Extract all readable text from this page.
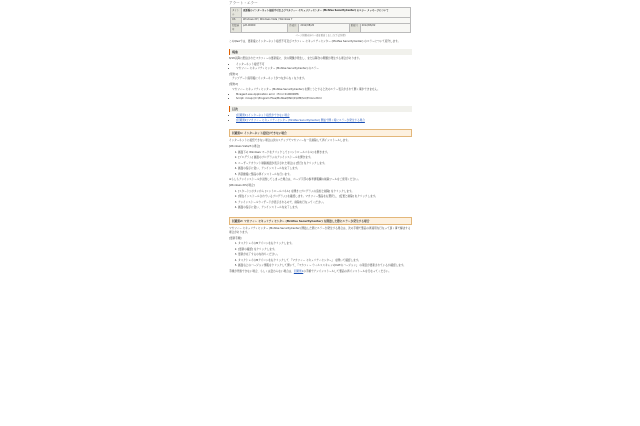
アラート・エラー
タイトル	更新後のインターネット接続不可およびマカフィー セキュリティセンター (McAfee SecurityCenter) のエラー メッセージについて				
OS	Windows XP / Windows Vista / Windows 7				
問題番号	pdt-00000	作成日	2012/08/20	更新日	2012/08/22
ページ掲載内容の一部を更新しました(下記参照)

このQ&Aでは、更新後にインターネット接続不可及びマカフィー セキュリティセンター (McAfee SecurityCenter) のエラーについて紹介します。

現象

8/18以降に配信されたマカフィーの更新後に、次の問題が発生し、また以降次の問題が発生する場合があります。

• インターネット接続不可
• マカフィー セキュリティセンター (McAfee SecurityCenter) のエラー
[現象1]
アップデート適用後にインターネットがつながらなくなります。
[現象2]
マカフィー セキュリティセンター (McAfee SecurityCenter) を開こうとすると次のエラー表示がされて開く事ができません。
• Mcagent.exe Application error : Error 0x00000f6
• Script: mcap://C:\Program Files\McAfee\MSC\1\UIM\Src\Errors.html
目次
• [回避策1] インターネット接続ができない場合
• [回避策2] マカフィー セキュリティセンター (McAfee SecurityCenter) 開始で開く時にエラーが発生する場合
回避策1: インターネット接続ができない場合

インターネットに接続できない場合は次のステップでマカフィーを一旦削除して再インストールします。

[Windows Vista/7の場合]
1. 画面下の Windows マークをクリックして [コントロールパネル] を開きます。
2. [プログラム] 画面のプログラムのアンインストールを開きます。
3. ユーザーアカウント制御画面が表示された場合は [続行] をクリックします。
4. 画面の指示に従い、アンインストールを完了します。
5. 再起動後に製品の再インストールを行います。

※もしもアンインストールが失敗してしまった場合は、ページ下部の参考情報欄の削除ツールをご使用ください。

[Windows XPの場合]
1. [スタート] ボタンから [コントロールパネル] を開き [プログラムの追加と削除] をクリックします。
2. [現在インストールされているプログラム] を確認します。マカフィー製品を右選択し、[変更と削除] をクリックします。
3. アンインストールウィザードが表示されるので、削除を行なってください。
4. 画面の指示に従い、アンインストールを完了します。
回避策2: マカフィー セキュリティセンター (McAfee SecurityCenter) を開始した際にエラーが発生する場合

マカフィー セキュリティセンター (McAfee SecurityCenter) 開始した際にエラーが発生する場合は、次の手順で製品の再適用を行なって頂く事で解決する場合があります。

[更新手順]
1. タスクトレイのMアイコンを右クリックします。
2. [更新の確認] をクリックします。
3. 更新が完了するのを待ちください。
4. タスクトレイのMアイコンを右クリックして 『マカフィー セキュリティセンター』 を開いて確認します。
5. 画面右上のバージョン情報をクリックして開いて、『マカフィー ウィルススキャンのDATのバージョン』 の項目が更新されているか確認します。

手順が実施できない場合、もしくは変わらない場合は、回避策1の手順でアンインストールして製品の再インストールを行なってください。
